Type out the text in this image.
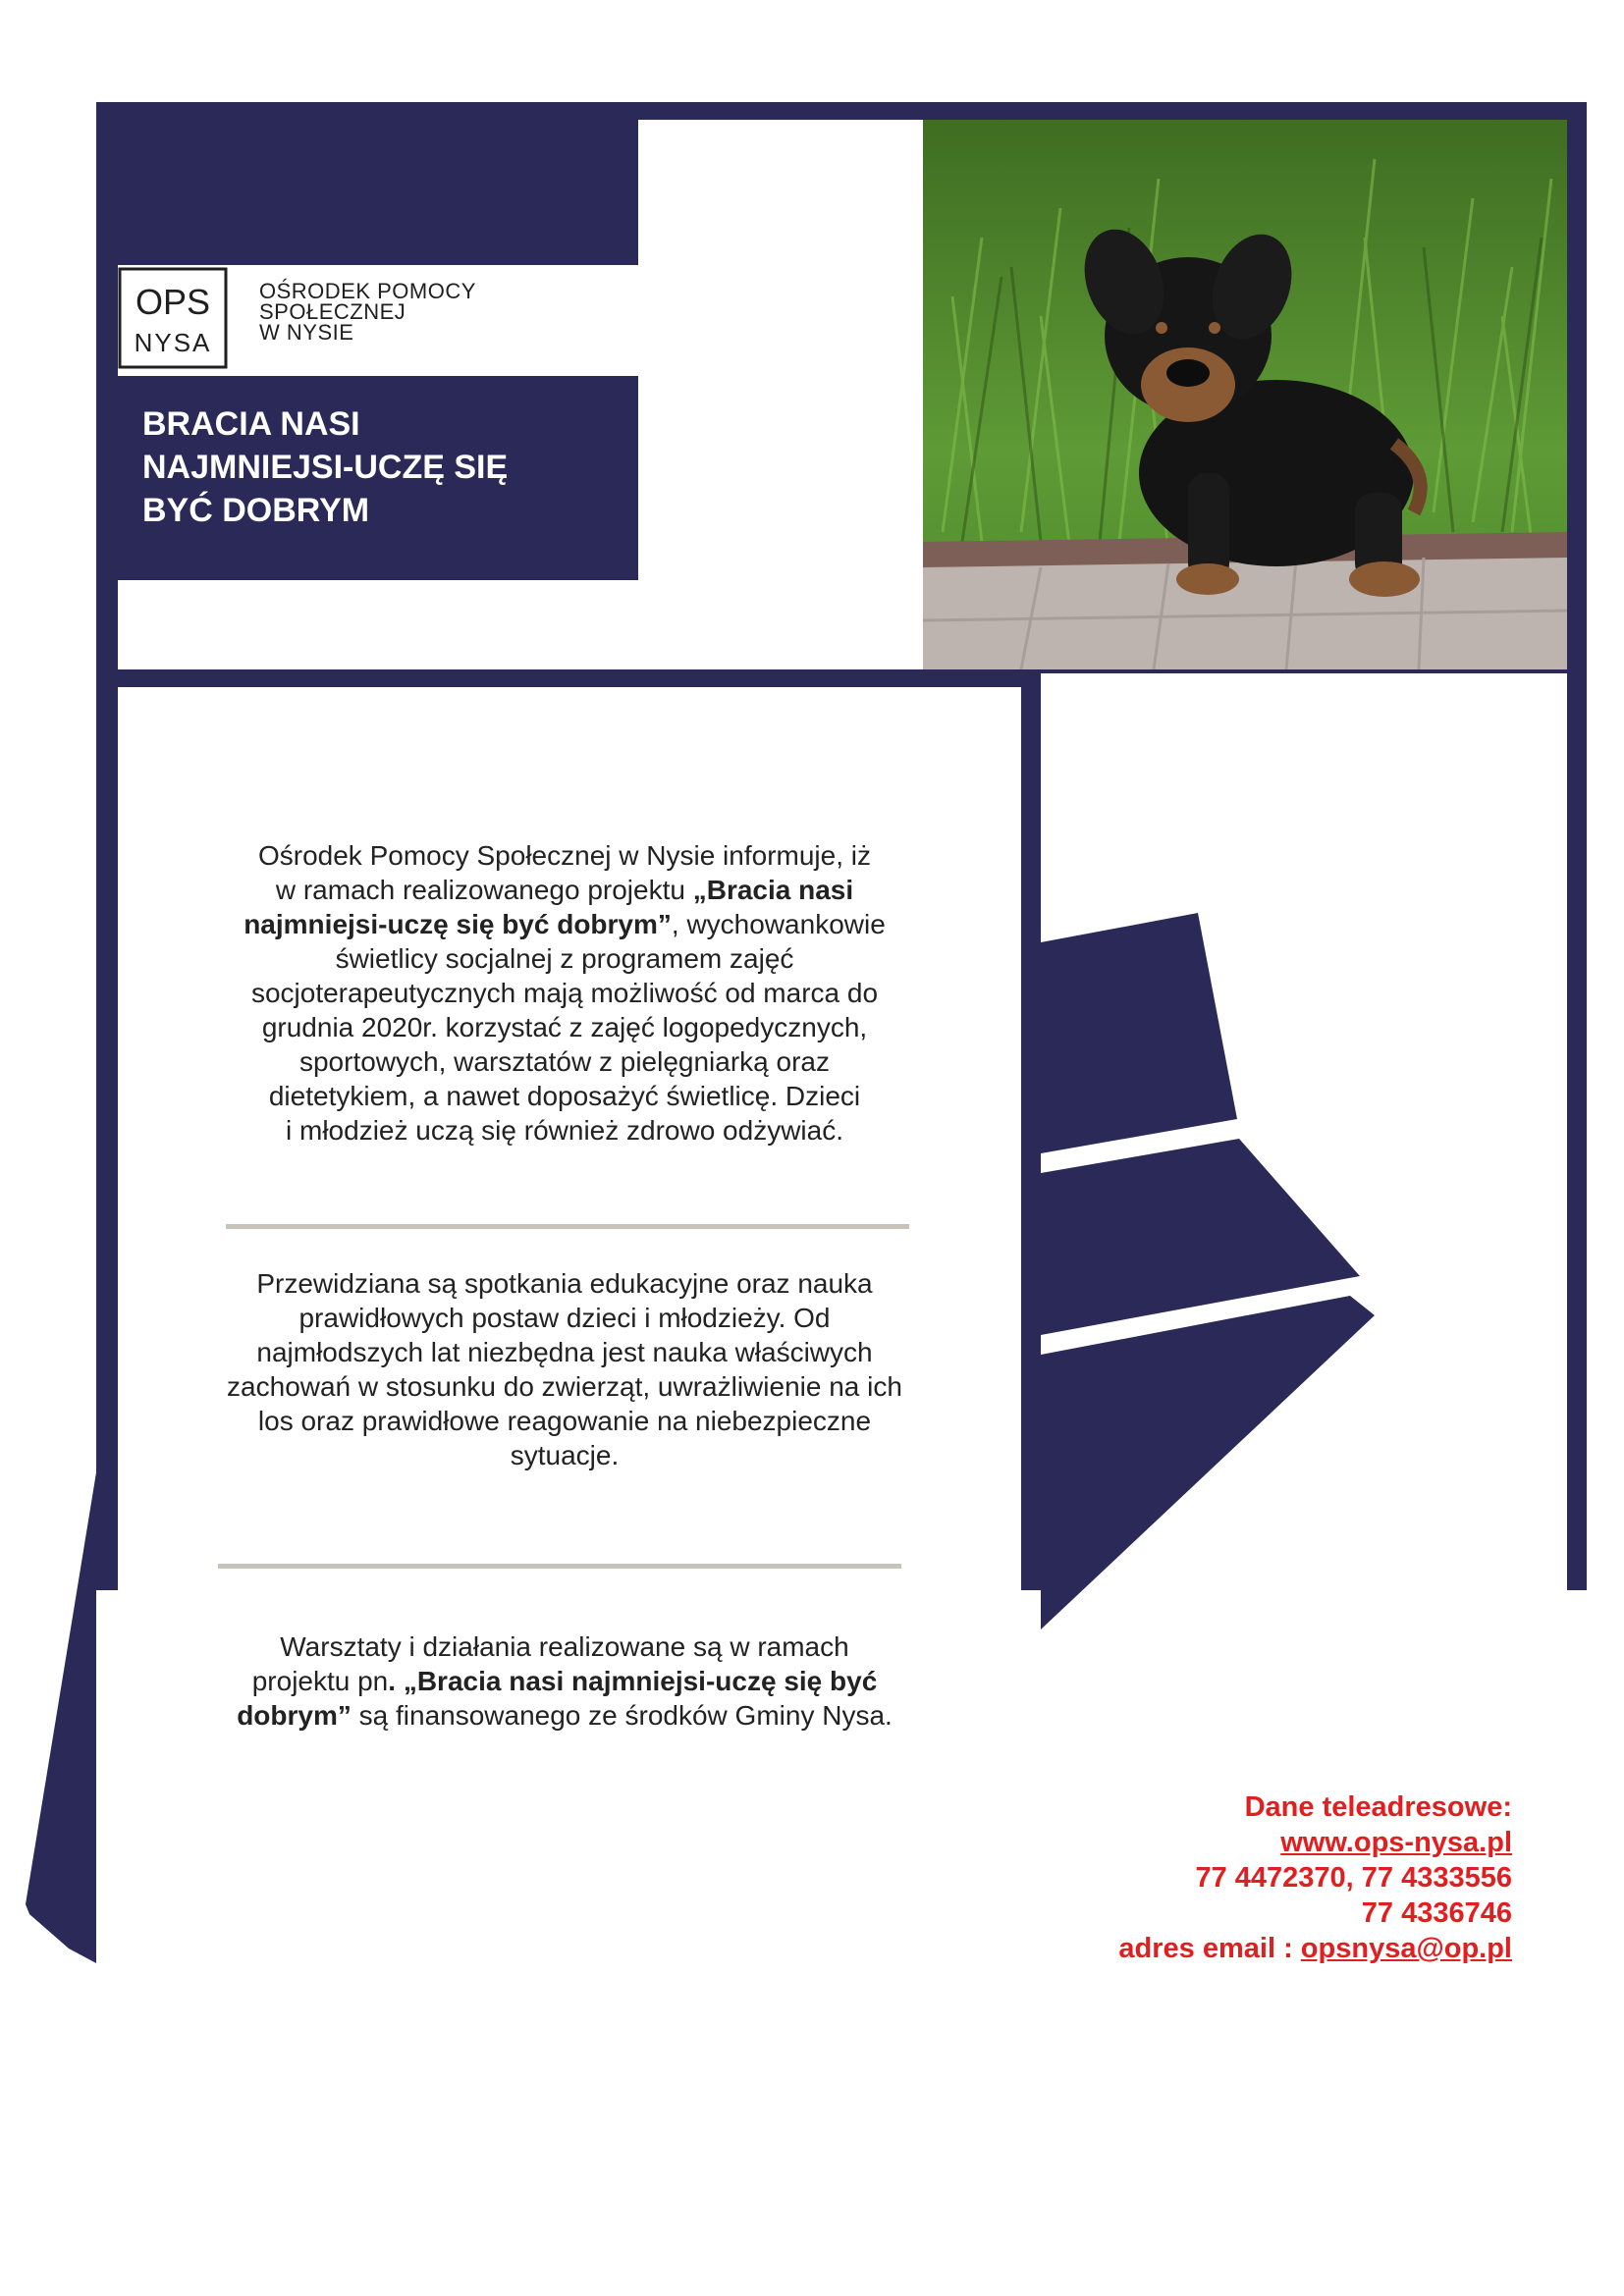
OPS
NYSA
OŚRODEK POMOCY
SPOŁECZNEJ
W NYSIE
BRACIA NASI
NAJMNIEJSI-UCZĘ SIĘ
BYĆ DOBRYM
Ośrodek Pomocy Społecznej w Nysie informuje, iż
w ramach realizowanego projektu „Bracia nasi
najmniejsi-uczę się być dobrym”, wychowankowie
świetlicy socjalnej z programem zajęć
socjoterapeutycznych mają możliwość od marca do
grudnia 2020r. korzystać z zajęć logopedycznych,
sportowych, warsztatów z pielęgniarką oraz
dietetykiem, a nawet doposażyć świetlicę. Dzieci
i młodzież uczą się również zdrowo odżywiać.
Przewidziana są spotkania edukacyjne oraz nauka
prawidłowych postaw dzieci i młodzieży. Od
najmłodszych lat niezbędna jest nauka właściwych
zachowań w stosunku do zwierząt, uwrażliwienie na ich
los oraz prawidłowe reagowanie na niebezpieczne
sytuacje.
Warsztaty i działania realizowane są w ramach
projektu pn. „Bracia nasi najmniejsi-uczę się być
dobrym” są finansowanego ze środków Gminy Nysa.
Dane teleadresowe:
www.ops-nysa.pl
77 4472370, 77 4333556
77 4336746
adres email : opsnysa@op.pl
